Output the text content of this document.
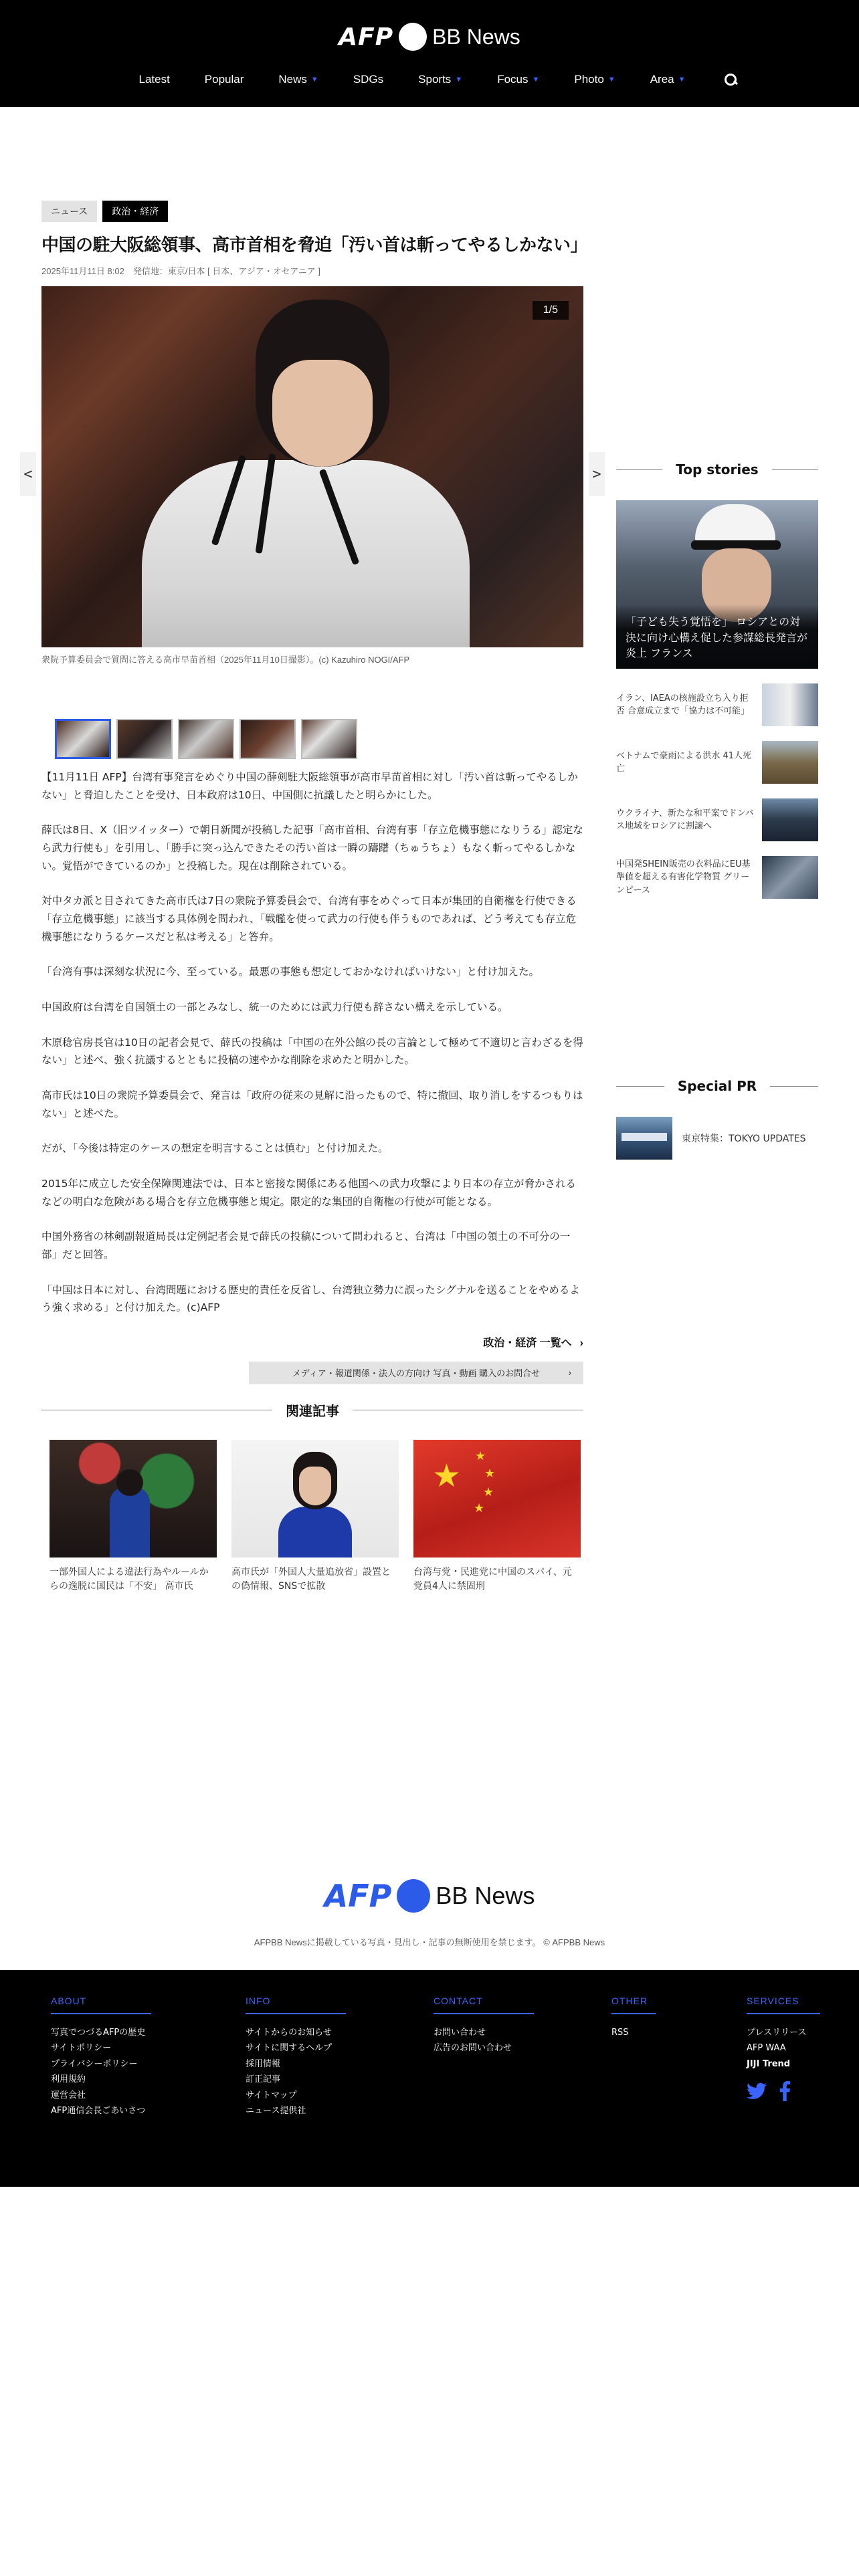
AFP BB News
Latest	Popular	News ▼	SDGs	Sports ▼	Focus ▼	Photo ▼	Area ▼
ニュース	政治・経済
中国の駐大阪総領事、高市首相を脅迫「汚い首は斬ってやるしかない」
2025年11月11日 8:02　発信地：東京/日本 [ 日本、アジア・オセアニア ]
1/5
<	>
衆院予算委員会で質問に答える高市早苗首相（2025年11月10日撮影）。(c) Kazuhiro NOGI/AFP

【11月11日 AFP】台湾有事発言をめぐり中国の薛剣駐大阪総領事が高市早苗首相に対し「汚い首は斬ってやるしかない」と脅迫したことを受け、日本政府は10日、中国側に抗議したと明らかにした。

薛氏は8日、X（旧ツイッター）で朝日新聞が投稿した記事「高市首相、台湾有事「存立危機事態になりうる」認定なら武力行使も」を引用し、「勝手に突っ込んできたその汚い首は一瞬の躊躇（ちゅうちょ）もなく斬ってやるしかない。覚悟ができているのか」と投稿した。現在は削除されている。

対中タカ派と目されてきた高市氏は7日の衆院予算委員会で、台湾有事をめぐって日本が集団的自衛権を行使できる「存立危機事態」に該当する具体例を問われ、「戦艦を使って武力の行使も伴うものであれば、どう考えても存立危機事態になりうるケースだと私は考える」と答弁。

「台湾有事は深刻な状況に今、至っている。最悪の事態も想定しておかなければいけない」と付け加えた。

中国政府は台湾を自国領土の一部とみなし、統一のためには武力行使も辞さない構えを示している。

木原稔官房長官は10日の記者会見で、薛氏の投稿は「中国の在外公館の長の言論として極めて不適切と言わざるを得ない」と述べ、強く抗議するとともに投稿の速やかな削除を求めたと明かした。

高市氏は10日の衆院予算委員会で、発言は「政府の従来の見解に沿ったもので、特に撤回、取り消しをするつもりはない」と述べた。

だが、「今後は特定のケースの想定を明言することは慎む」と付け加えた。

2015年に成立した安全保障関連法では、日本と密接な関係にある他国への武力攻撃により日本の存立が脅かされるなどの明白な危険がある場合を存立危機事態と規定。限定的な集団的自衛権の行使が可能となる。

中国外務省の林剣副報道局長は定例記者会見で薛氏の投稿について問われると、台湾は「中国の領土の不可分の一部」だと回答。

「中国は日本に対し、台湾問題における歴史的責任を反省し、台湾独立勢力に誤ったシグナルを送ることをやめるよう強く求める」と付け加えた。(c)AFP

政治・経済 一覧へ ›
メディア・報道関係・法人の方向け 写真・動画 購入のお問合せ	›
関連記事
一部外国人による違法行為やルールからの逸脱に国民は「不安」 高市氏
高市氏が「外国人大量追放省」設置との偽情報、SNSで拡散
★
★
★
★
★
台湾与党・民進党に中国のスパイ、元党員4人に禁固刑
Top stories
「子ども失う覚悟を」 ロシアとの対決に向け心構え促した参謀総長発言が炎上 フランス
イラン、IAEAの核施設立ち入り拒否 合意成立まで「協力は不可能」
ベトナムで豪雨による洪水 41人死亡
ウクライナ、新たな和平案でドンバス地域をロシアに割譲へ
中国発SHEIN販売の衣料品にEU基準値を超える有害化学物質 グリーンピース
Special PR
東京特集：TOKYO UPDATES
AFP BB News
AFPBB Newsに掲載している写真・見出し・記事の無断使用を禁じます。 © AFPBB News
ABOUT
写真でつづるAFPの歴史
サイトポリシー
プライバシーポリシー
利用規約
運営会社
AFP通信会長ごあいさつ
INFO
サイトからのお知らせ
サイトに関するヘルプ
採用情報
訂正記事
サイトマップ
ニュース提供社
CONTACT
お問い合わせ
広告のお問い合わせ
OTHER
RSS
SERVICES
プレスリリース
AFP WAA
JIJI Trend
